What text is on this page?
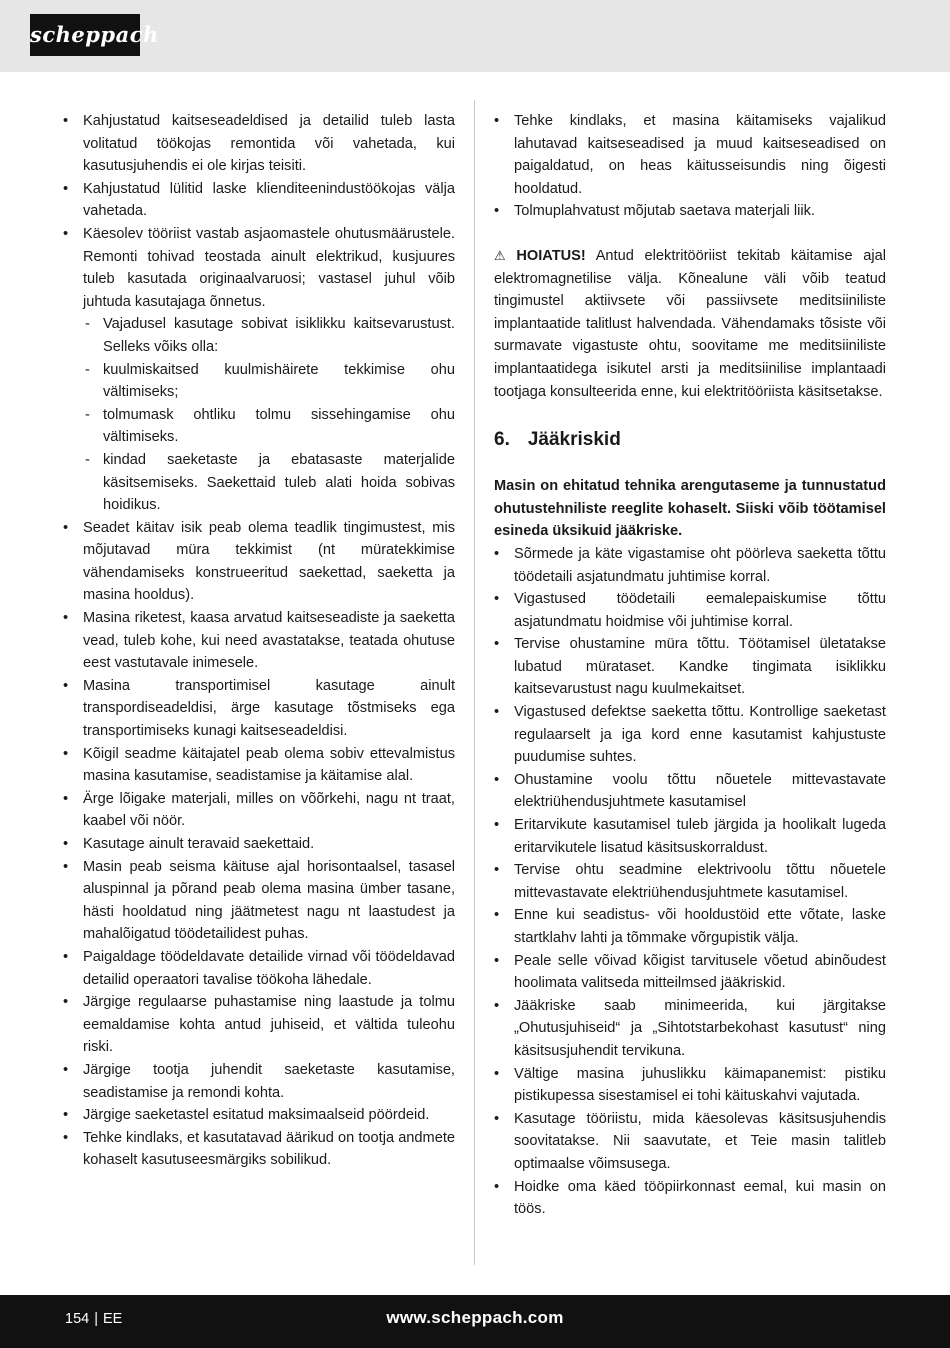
scheppach
• Kahjustatud kaitseseadeldised ja detailid tuleb lasta volitatud töökojas remontida või vahetada, kui kasutusjuhendis ei ole kirjas teisiti.
• Kahjustatud lülitid laske klienditeenindustöökojas välja vahetada.
• Käesolev tööriist vastab asjaomastele ohutusmäärustele. Remonti tohivad teostada ainult elektrikud, kusjuures tuleb kasutada originaalvaruosi; vastasel juhul võib juhtuda kasutajaga õnnetus.
- Vajadusel kasutage sobivat isiklikku kaitsevarustust. Selleks võiks olla:
- kuulmiskaitsed kuulmishäirete tekkimise ohu vältimiseks;
- tolmumask ohtliku tolmu sissehingamise ohu vältimiseks.
- kindad saeketaste ja ebatasaste materjalide käsitsemiseks. Saekettaid tuleb alati hoida sobivas hoidikus.
• Seadet käitav isik peab olema teadlik tingimustest, mis mõjutavad müra tekkimist (nt müratekkimise vähendamiseks konstrueeritud saekettad, saeketta ja masina hooldus).
• Masina riketest, kaasa arvatud kaitseseadiste ja saeketta vead, tuleb kohe, kui need avastatakse, teatada ohutuse eest vastutavale inimesele.
• Masina transportimisel kasutage ainult transpordiseadeldisi, ärge kasutage tõstmiseks ega transportimiseks kunagi kaitseseadeldisi.
• Kõigil seadme käitajatel peab olema sobiv ettevalmistus masina kasutamise, seadistamise ja käitamise alal.
• Ärge lõigake materjali, milles on võõrkehi, nagu nt traat, kaabel või nöör.
• Kasutage ainult teravaid saekettaid.
• Masin peab seisma käituse ajal horisontaalsel, tasasel aluspinnal ja põrand peab olema masina ümber tasane, hästi hooldatud ning jäätmetest nagu nt laastudest ja mahalõigatud töödetailidest puhas.
• Paigaldage töödeldavate detailide virnad või töödeldavad detailid operaatori tavalise töökoha lähedale.
• Järgige regulaarse puhastamise ning laastude ja tolmu eemaldamise kohta antud juhiseid, et vältida tuleohu riski.
• Järgige tootja juhendit saeketaste kasutamise, seadistamise ja remondi kohta.
• Järgige saeketastel esitatud maksimaalseid pöördeid.
• Tehke kindlaks, et kasutatavad äärikud on tootja andmete kohaselt kasutuseesmärgiks sobilikud.
• Tehke kindlaks, et masina käitamiseks vajalikud lahutavad kaitseseadised ja muud kaitseseadised on paigaldatud, on heas käitusseisundis ning õigesti hooldatud.
• Tolmuplahvatust mõjutab saetava materjali liik.
⚠ HOIATUS! Antud elektritööriist tekitab käitamise ajal elektromagnetilise välja. Kõnealune väli võib teatud tingimustel aktiivsete või passiivsete meditsiiniliste implantaatide talitlust halvendada. Vähendamaks tõsiste või surmavate vigastuste ohtu, soovitame me meditsiiniliste implantaatidega isikutel arsti ja meditsiinilise implantaadi tootjaga konsulteerida enne, kui elektritööriista käsitsetakse.
6. Jääkriskid
Masin on ehitatud tehnika arengutaseme ja tunnustatud ohutustehniliste reeglite kohaselt. Siiski võib töötamisel esineda üksikuid jääkriske.
• Sõrmede ja käte vigastamise oht pöörleva saeketta tõttu töödetaili asjatundmatu juhtimise korral.
• Vigastused töödetaili eemalepaiskumise tõttu asjatundmatu hoidmise või juhtimise korral.
• Tervise ohustamine müra tõttu. Töötamisel ületatakse lubatud mürataset. Kandke tingimata isiklikku kaitsevarustust nagu kuulmekaitset.
• Vigastused defektse saeketta tõttu. Kontrollige saeketast regulaarselt ja iga kord enne kasutamist kahjustuste puudumise suhtes.
• Ohustamine voolu tõttu nõuetele mittevastavate elektriühendusjuhtmete kasutamisel
• Eritarvikute kasutamisel tuleb järgida ja hoolikalt lugeda eritarvikutele lisatud käsitsuskorraldust.
• Tervise ohtu seadmine elektrivoolu tõttu nõuetele mittevastavate elektriühendusjuhtmete kasutamisel.
• Enne kui seadistus- või hooldustöid ette võtate, laske startklahv lahti ja tõmmake võrgupistik välja.
• Peale selle võivad kõigist tarvitusele võetud abinõudest hoolimata valitseda mitteilmsed jääkriskid.
• Jääkriske saab minimeerida, kui järgitakse „Ohutusjuhiseid“ ja „Sihtotstarbekohast kasutust“ ning käsitsusjuhendit tervikuna.
• Vältige masina juhuslikku käimapanemist: pistiku pistikupessa sisestamisel ei tohi käituskahvi vajutada.
• Kasutage tööriistu, mida käesolevas käsitsusjuhendis soovitatakse. Nii saavutate, et Teie masin talitleb optimaalse võimsusega.
• Hoidke oma käed tööpiirkonnast eemal, kui masin on töös.
154 | EE	www.scheppach.com
